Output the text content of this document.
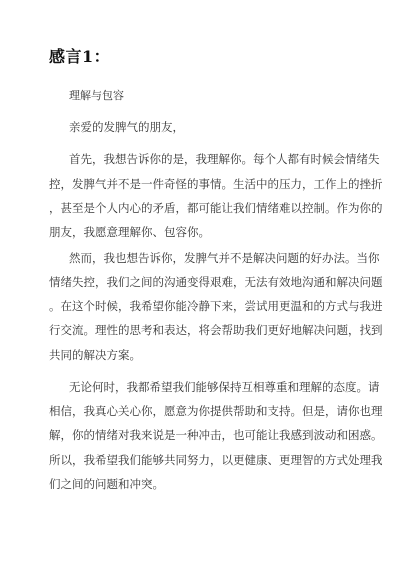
感言1：
理解与包容
亲爱的发脾气的朋友，
首先，我想告诉你的是，我理解你。每个人都有时候会情绪失
控，发脾气并不是一件奇怪的事情。生活中的压力，工作上的挫折
，甚至是个人内心的矛盾，都可能让我们情绪难以控制。作为你的
朋友，我愿意理解你、包容你。
然而，我也想告诉你，发脾气并不是解决问题的好办法。当你
情绪失控，我们之间的沟通变得艰难，无法有效地沟通和解决问题
。在这个时候，我希望你能冷静下来，尝试用更温和的方式与我进
行交流。理性的思考和表达，将会帮助我们更好地解决问题，找到
共同的解决方案。
无论何时，我都希望我们能够保持互相尊重和理解的态度。请
相信，我真心关心你，愿意为你提供帮助和支持。但是，请你也理
解，你的情绪对我来说是一种冲击，也可能让我感到波动和困惑。
所以，我希望我们能够共同努力，以更健康、更理智的方式处理我
们之间的问题和冲突。
